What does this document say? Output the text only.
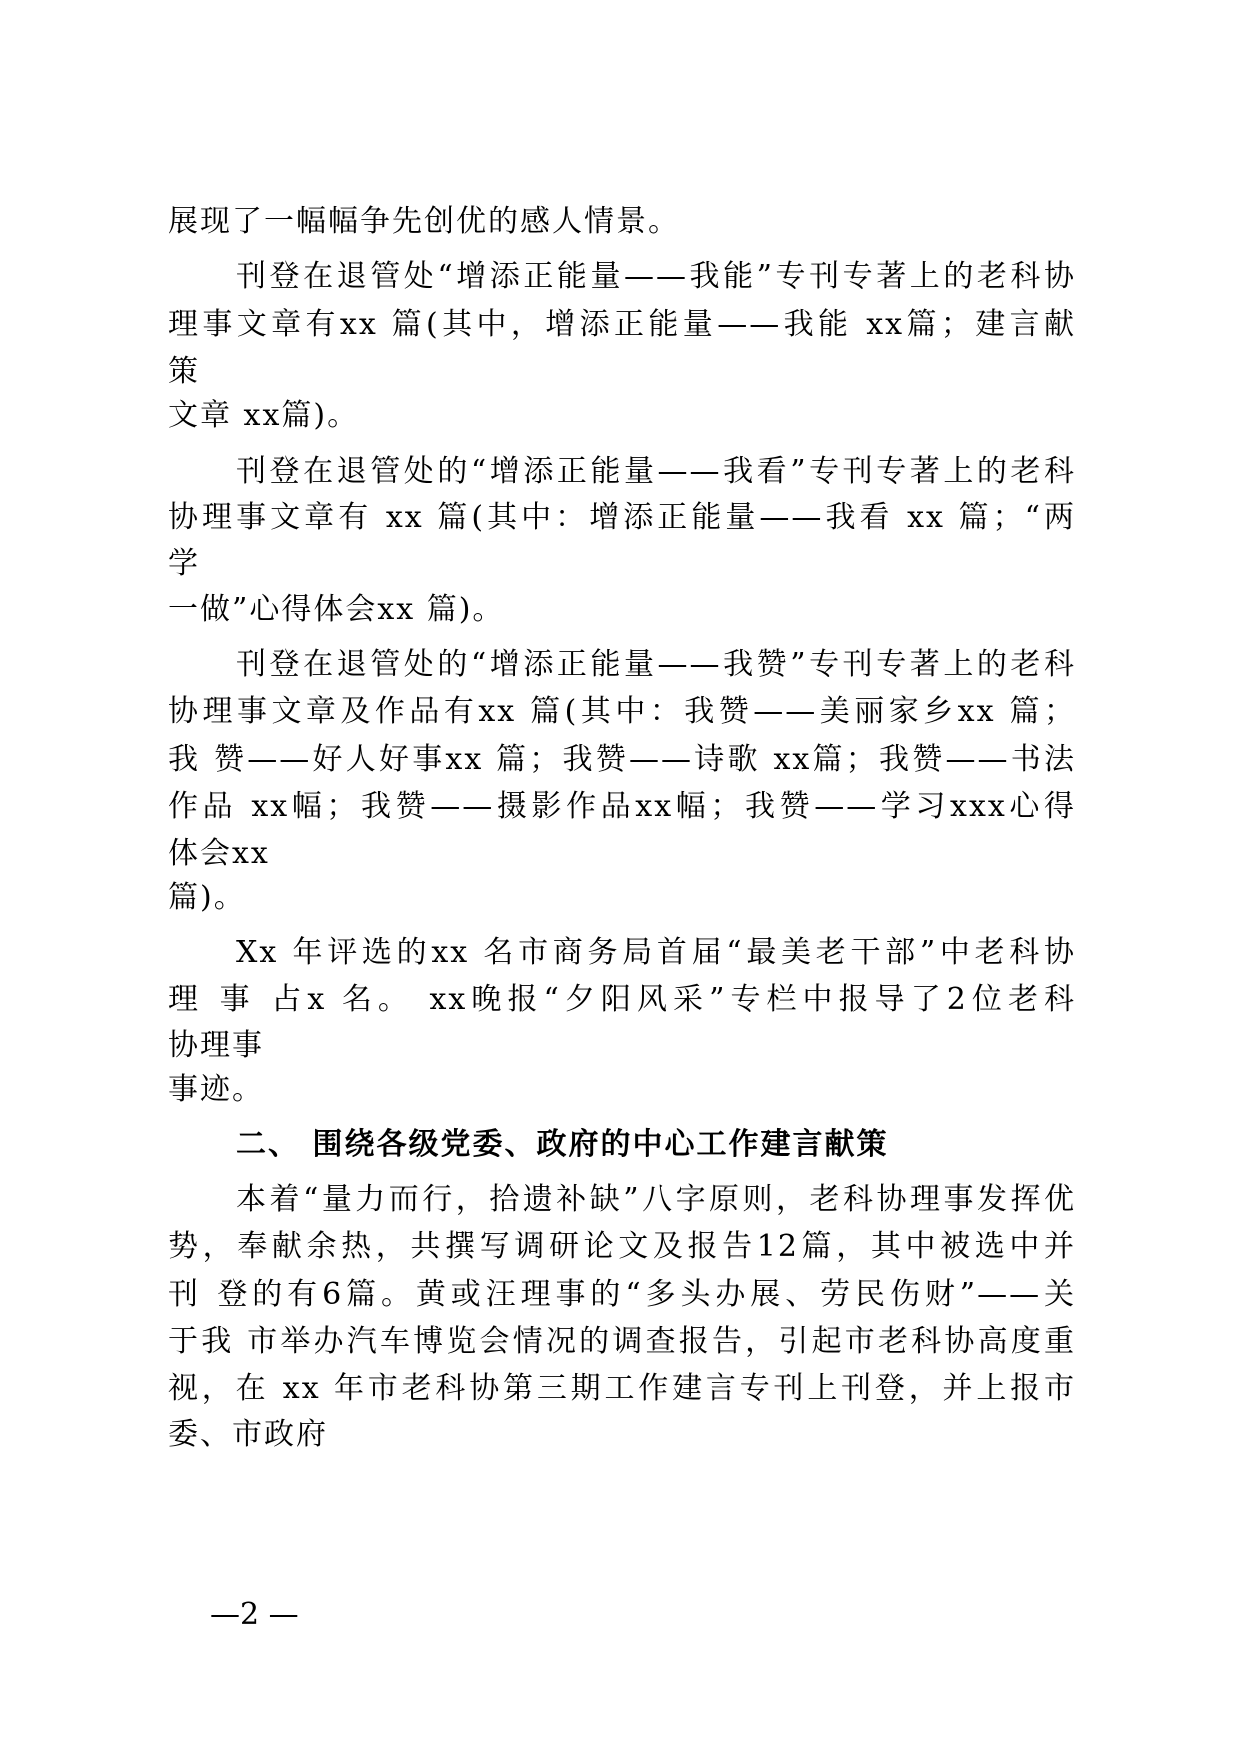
展现了一幅幅争先创优的感人情景。
刊登在退管处“增添正能量——我能”专刊专著上的老科协
理事文章有xx 篇(其中，增添正能量——我能 xx篇；建言献
策
文章 xx篇)。
刊登在退管处的“增添正能量——我看”专刊专著上的老科
协理事文章有 xx 篇(其中：增添正能量——我看 xx 篇；“两
学
一做”心得体会xx 篇)。
刊登在退管处的“增添正能量——我赞”专刊专著上的老科
协理事文章及作品有xx 篇(其中：我赞——美丽家乡xx 篇；
我 赞——好人好事xx 篇；我赞——诗歌 xx篇；我赞——书法
作品 xx幅；我赞——摄影作品xx幅；我赞——学习xxx心得
体会xx
篇)。
Xx 年评选的xx 名市商务局首届“最美老干部”中老科协
理 事 占x 名。 xx晚报“夕阳风采”专栏中报导了2位老科
协理事
事迹。
二、 围绕各级党委、政府的中心工作建言献策
本着“量力而行，拾遗补缺”八字原则，老科协理事发挥优
势，奉献余热，共撰写调研论文及报告12篇，其中被选中并
刊 登的有6篇。黄或汪理事的“多头办展、劳民伤财”——关
于我 市举办汽车博览会情况的调查报告，引起市老科协高度重
视，在 xx 年市老科协第三期工作建言专刊上刊登，并上报市
委、市政府
—2 —
